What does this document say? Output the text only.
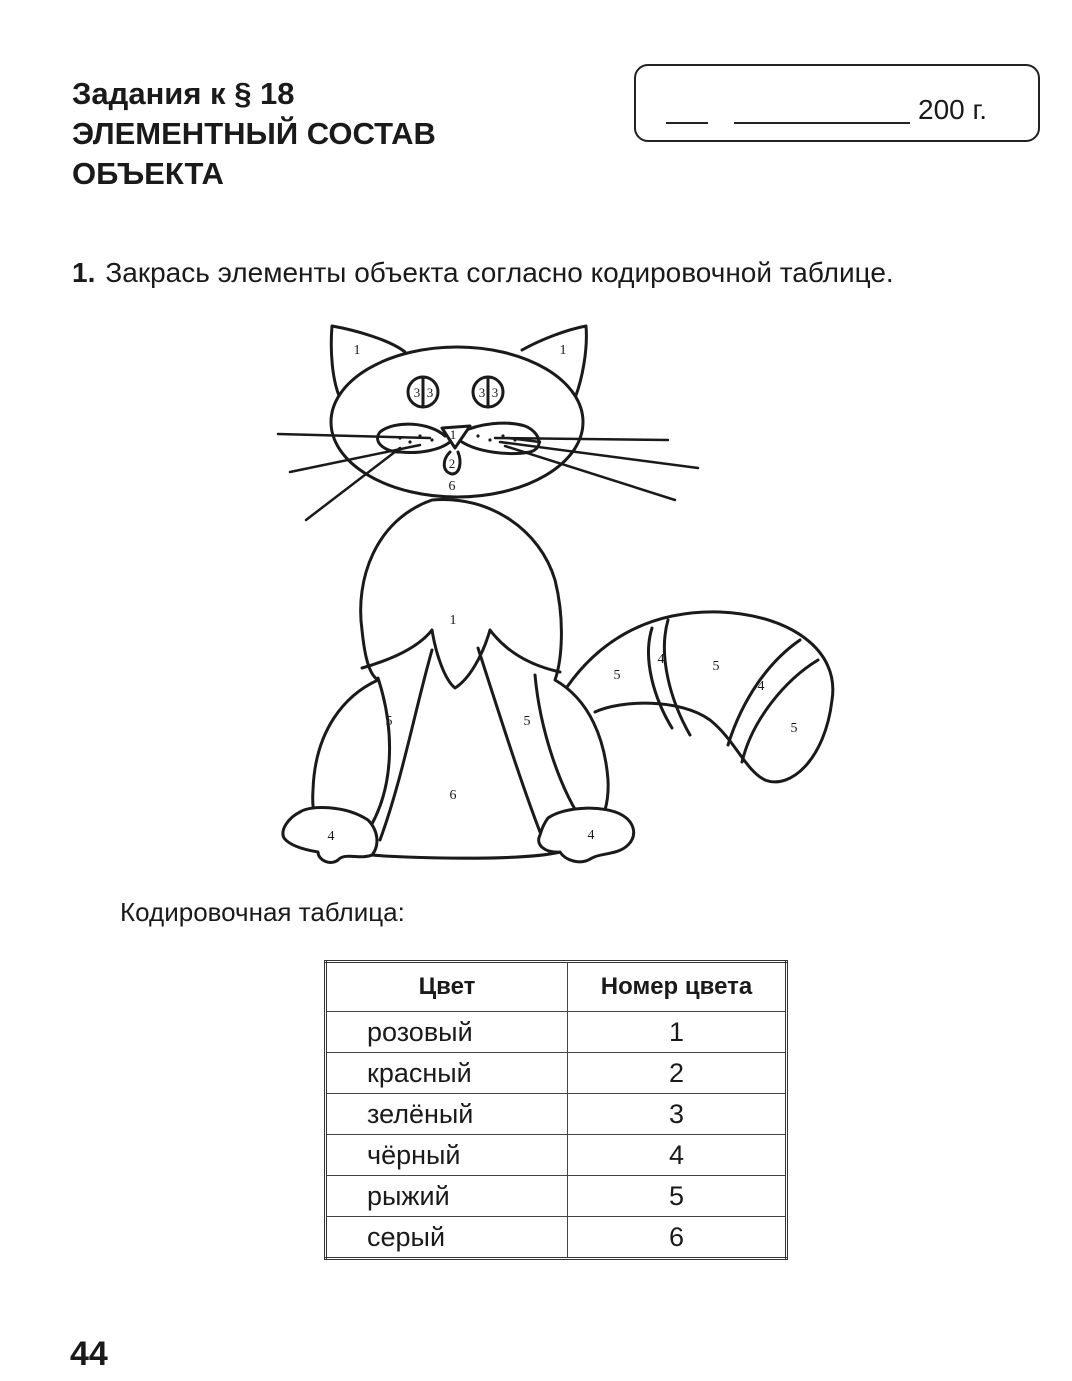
Задания к § 18
ЭЛЕМЕНТНЫЙ СОСТАВ
ОБЪЕКТА
200 г.
1. Закрась элементы объекта согласно кодировочной таблице.
1	1
3 3	3 3
1
2
6
1
5	5
6
4	4
5
4	5
4
5
Кодировочная таблица:
Цвет	Номер цвета
розовый	1
красный	2
зелёный	3
чёрный	4
рыжий	5
серый	6
44
